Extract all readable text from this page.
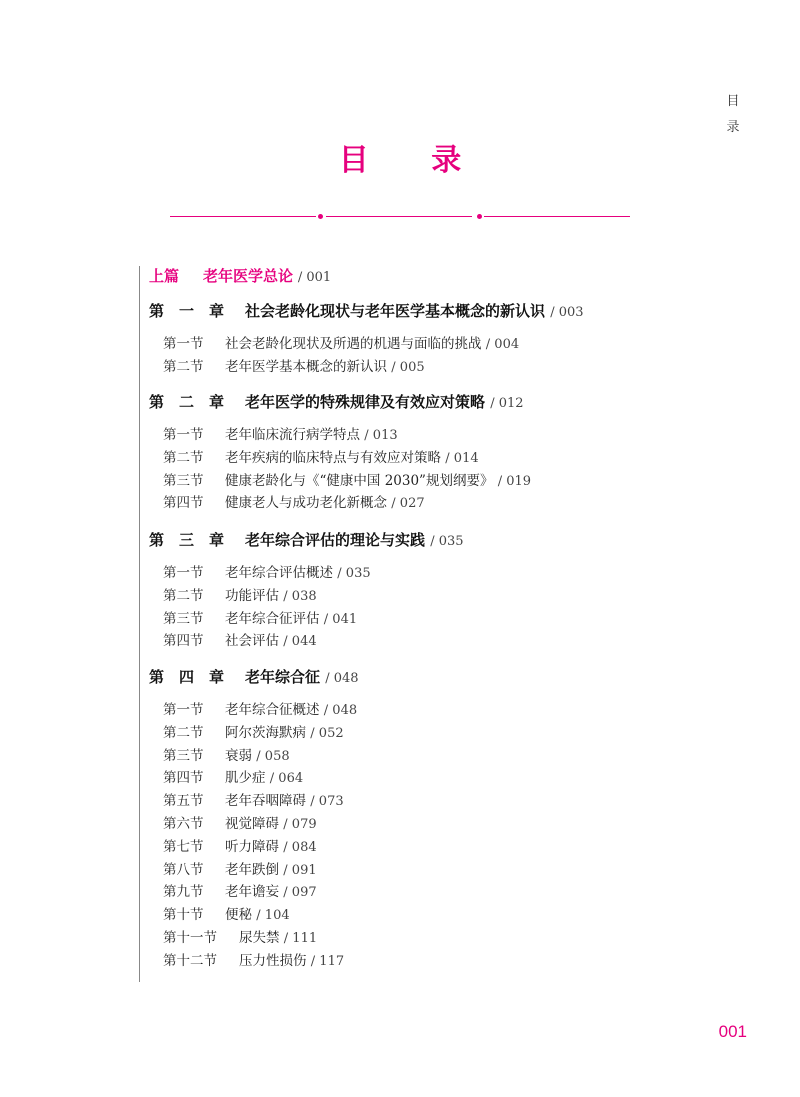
目
录
目 录
上篇 老年医学总论 / 001
第　一　章 社会老龄化现状与老年医学基本概念的新认识 / 003
第一节 社会老龄化现状及所遇的机遇与面临的挑战 / 004
第二节 老年医学基本概念的新认识 / 005
第　二　章 老年医学的特殊规律及有效应对策略 / 012
第一节 老年临床流行病学特点 / 013
第二节 老年疾病的临床特点与有效应对策略 / 014
第三节 健康老龄化与《“健康中国 2030”规划纲要》 / 019
第四节 健康老人与成功老化新概念 / 027
第　三　章 老年综合评估的理论与实践 / 035
第一节 老年综合评估概述 / 035
第二节 功能评估 / 038
第三节 老年综合征评估 / 041
第四节 社会评估 / 044
第　四　章 老年综合征 / 048
第一节 老年综合征概述 / 048
第二节 阿尔茨海默病 / 052
第三节 衰弱 / 058
第四节 肌少症 / 064
第五节 老年吞咽障碍 / 073
第六节 视觉障碍 / 079
第七节 听力障碍 / 084
第八节 老年跌倒 / 091
第九节 老年谵妄 / 097
第十节 便秘 / 104
第十一节 尿失禁 / 111
第十二节 压力性损伤 / 117
001
